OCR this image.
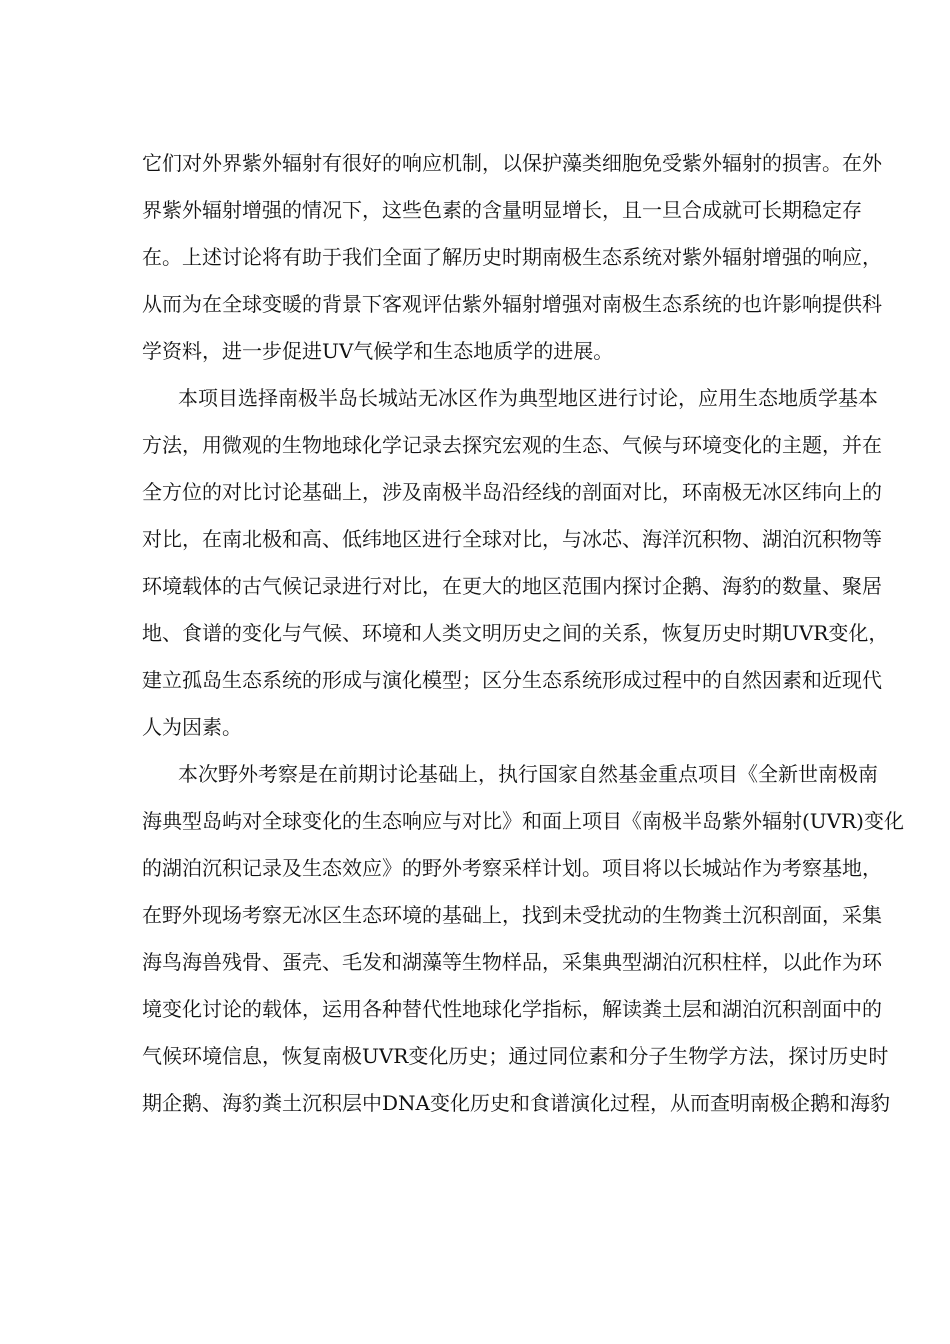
它们对外界紫外辐射有很好的响应机制，以保护藻类细胞免受紫外辐射的损害。在外
界紫外辐射增强的情况下，这些色素的含量明显增长，且一旦合成就可长期稳定存
在。上述讨论将有助于我们全面了解历史时期南极生态系统对紫外辐射增强的响应，
从而为在全球变暖的背景下客观评估紫外辐射增强对南极生态系统的也许影响提供科
学资料，进一步促进UV气候学和生态地质学的进展。
本项目选择南极半岛长城站无冰区作为典型地区进行讨论，应用生态地质学基本
方法，用微观的生物地球化学记录去探究宏观的生态、气候与环境变化的主题，并在
全方位的对比讨论基础上，涉及南极半岛沿经线的剖面对比，环南极无冰区纬向上的
对比，在南北极和高、低纬地区进行全球对比，与冰芯、海洋沉积物、湖泊沉积物等
环境载体的古气候记录进行对比，在更大的地区范围内探讨企鹅、海豹的数量、聚居
地、食谱的变化与气候、环境和人类文明历史之间的关系，恢复历史时期UVR变化，
建立孤岛生态系统的形成与演化模型；区分生态系统形成过程中的自然因素和近现代
人为因素。
本次野外考察是在前期讨论基础上，执行国家自然基金重点项目《全新世南极南
海典型岛屿对全球变化的生态响应与对比》和面上项目《南极半岛紫外辐射(UVR)变化
的湖泊沉积记录及生态效应》的野外考察采样计划。项目将以长城站作为考察基地，
在野外现场考察无冰区生态环境的基础上，找到未受扰动的生物粪土沉积剖面，采集
海鸟海兽残骨、蛋壳、毛发和湖藻等生物样品，采集典型湖泊沉积柱样，以此作为环
境变化讨论的载体，运用各种替代性地球化学指标，解读粪土层和湖泊沉积剖面中的
气候环境信息，恢复南极UVR变化历史；通过同位素和分子生物学方法，探讨历史时
期企鹅、海豹粪土沉积层中DNA变化历史和食谱演化过程，从而查明南极企鹅和海豹
